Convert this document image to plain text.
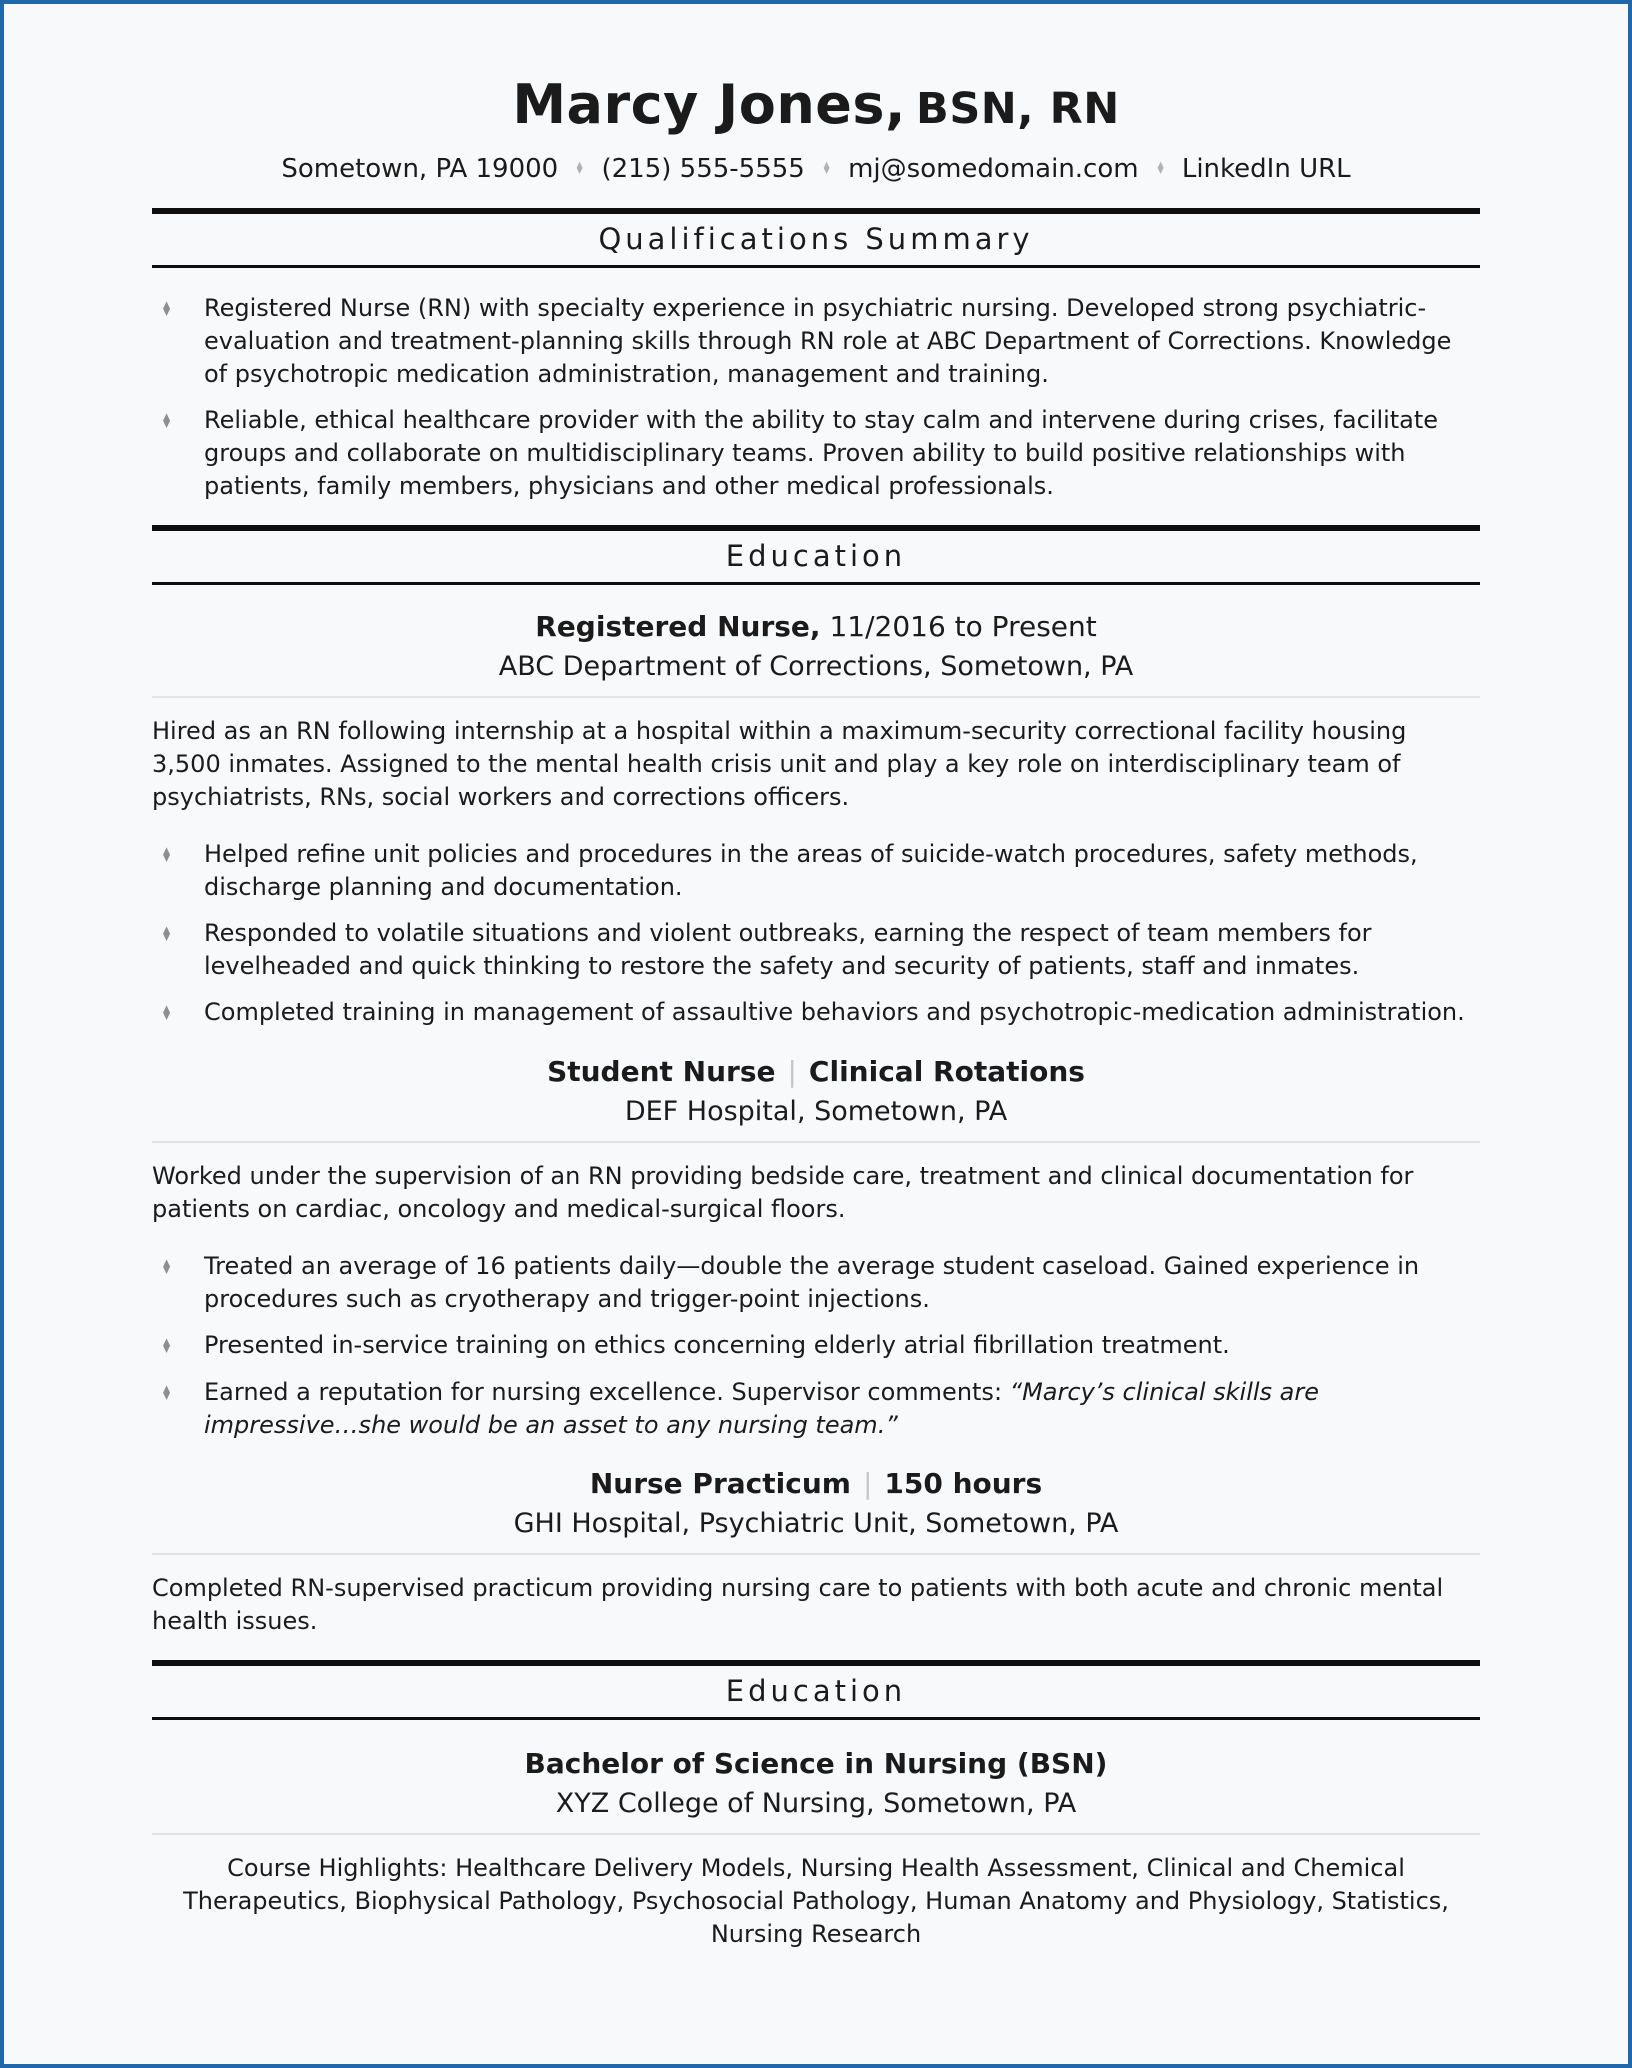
Marcy Jones, BSN, RN
Sometown, PA 19000 ♦ (215) 555-5555 ♦ mj@somedomain.com ♦ LinkedIn URL
Qualifications Summary
♦	Registered Nurse (RN) with specialty experience in psychiatric nursing. Developed strong psychiatric-evaluation and treatment-planning skills through RN role at ABC Department of Corrections. Knowledge of psychotropic medication administration, management and training.
♦	Reliable, ethical healthcare provider with the ability to stay calm and intervene during crises, facilitate groups and collaborate on multidisciplinary teams. Proven ability to build positive relationships with patients, family members, physicians and other medical professionals.
Education
Registered Nurse, 11/2016 to Present
ABC Department of Corrections, Sometown, PA

Hired as an RN following internship at a hospital within a maximum-security correctional facility housing 3,500 inmates. Assigned to the mental health crisis unit and play a key role on interdisciplinary team of psychiatrists, RNs, social workers and corrections officers.

♦	Helped refine unit policies and procedures in the areas of suicide-watch procedures, safety methods, discharge planning and documentation.
♦	Responded to volatile situations and violent outbreaks, earning the respect of team members for levelheaded and quick thinking to restore the safety and security of patients, staff and inmates.
♦	Completed training in management of assaultive behaviors and psychotropic-medication administration.
Student Nurse | Clinical Rotations
DEF Hospital, Sometown, PA

Worked under the supervision of an RN providing bedside care, treatment and clinical documentation for patients on cardiac, oncology and medical-surgical floors.

♦	Treated an average of 16 patients daily—double the average student caseload. Gained experience in procedures such as cryotherapy and trigger-point injections.
♦	Presented in-service training on ethics concerning elderly atrial fibrillation treatment.
♦	Earned a reputation for nursing excellence. Supervisor comments: “Marcy’s clinical skills are impressive…she would be an asset to any nursing team.”
Nurse Practicum | 150 hours
GHI Hospital, Psychiatric Unit, Sometown, PA

Completed RN-supervised practicum providing nursing care to patients with both acute and chronic mental health issues.

Education
Bachelor of Science in Nursing (BSN)
XYZ College of Nursing, Sometown, PA

Course Highlights: Healthcare Delivery Models, Nursing Health Assessment, Clinical and Chemical Therapeutics, Biophysical Pathology, Psychosocial Pathology, Human Anatomy and Physiology, Statistics, Nursing Research
